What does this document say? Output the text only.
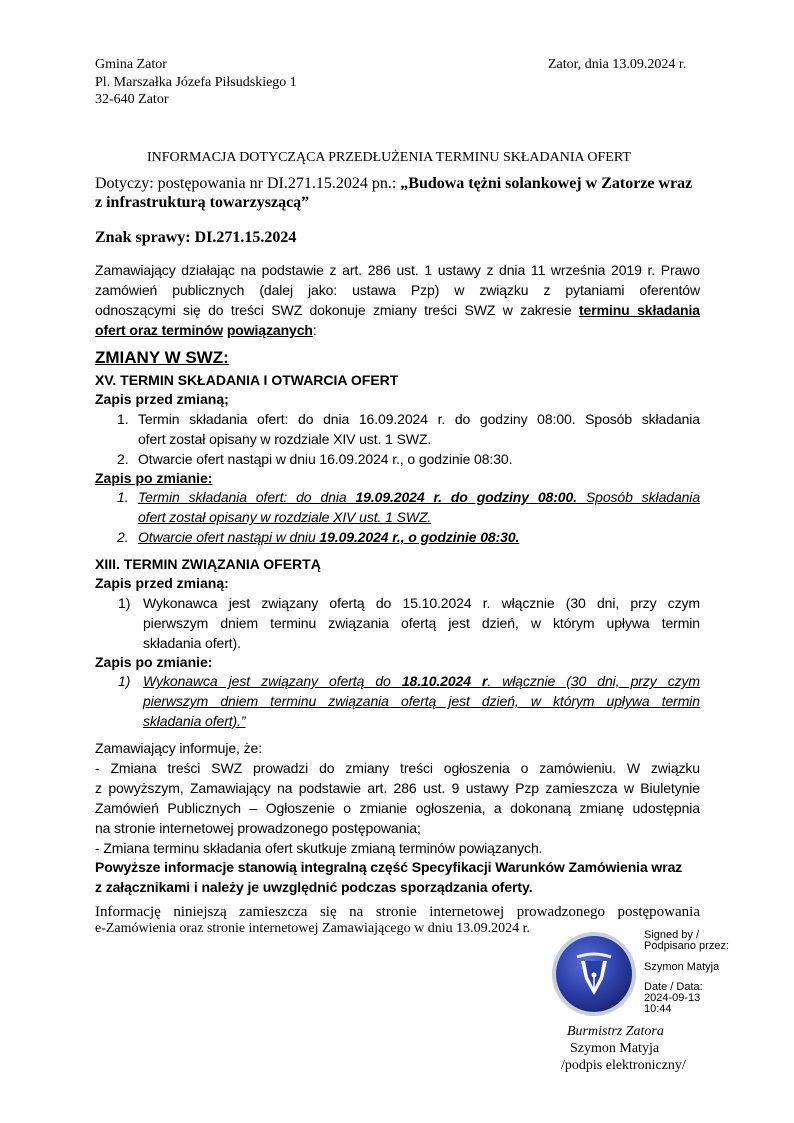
Gmina Zator
Pl. Marszałka Józefa Piłsudskiego 1
32-640 Zator
Zator, dnia 13.09.2024 r.
INFORMACJA DOTYCZĄCA PRZEDŁUŻENIA TERMINU SKŁADANIA OFERT
Dotyczy: postępowania nr DI.271.15.2024 pn.: „Budowa tężni solankowej w Zatorze wraz
z infrastrukturą towarzyszącą”
Znak sprawy: DI.271.15.2024
Zamawiający działając na podstawie z art. 286 ust. 1 ustawy z dnia 11 września 2019 r. Prawo
zamówień publicznych (dalej jako: ustawa Pzp) w związku z pytaniami oferentów
odnoszącymi się do treści SWZ dokonuje zmiany treści SWZ w zakresie terminu składania
ofert oraz terminów powiązanych:
ZMIANY W SWZ:
XV. TERMIN SKŁADANIA I OTWARCIA OFERT
Zapis przed zmianą;
1. Termin składania ofert: do dnia 16.09.2024 r. do godziny 08:00. Sposób składania
ofert został opisany w rozdziale XIV ust. 1 SWZ.
2. Otwarcie ofert nastąpi w dniu 16.09.2024 r., o godzinie 08:30.
Zapis po zmianie:
1. Termin składania ofert: do dnia 19.09.2024 r. do godziny 08:00. Sposób składania
ofert został opisany w rozdziale XIV ust. 1 SWZ.
2. Otwarcie ofert nastąpi w dniu 19.09.2024 r., o godzinie 08:30.
XIII. TERMIN ZWIĄZANIA OFERTĄ
Zapis przed zmianą:
1) Wykonawca jest związany ofertą do 15.10.2024 r. włącznie (30 dni, przy czym
pierwszym dniem terminu związania ofertą jest dzień, w którym upływa termin
składania ofert).
Zapis po zmianie:
1) Wykonawca jest związany ofertą do 18.10.2024 r. włącznie (30 dni, przy czym
pierwszym dniem terminu związania ofertą jest dzień, w którym upływa termin
składania ofert).”
Zamawiający informuje, że:
- Zmiana treści SWZ prowadzi do zmiany treści ogłoszenia o zamówieniu. W związku
z powyższym, Zamawiający na podstawie art. 286 ust. 9 ustawy Pzp zamieszcza w Biuletynie
Zamówień Publicznych – Ogłoszenie o zmianie ogłoszenia, a dokonaną zmianę udostępnia
na stronie internetowej prowadzonego postępowania;
- Zmiana terminu składania ofert skutkuje zmianą terminów powiązanych.
Powyższe informacje stanowią integralną część Specyfikacji Warunków Zamówienia wraz
z załącznikami i należy je uwzględnić podczas sporządzania oferty.
Informację niniejszą zamieszcza się na stronie internetowej prowadzonego postępowania
e-Zamówienia oraz stronie internetowej Zamawiającego w dniu 13.09.2024 r.	Signed by /
Podpisano przez:
Szymon Matyja
Date / Data:
2024-09-13
10:44
Burmistrz Zatora
Szymon Matyja
/podpis elektroniczny/
